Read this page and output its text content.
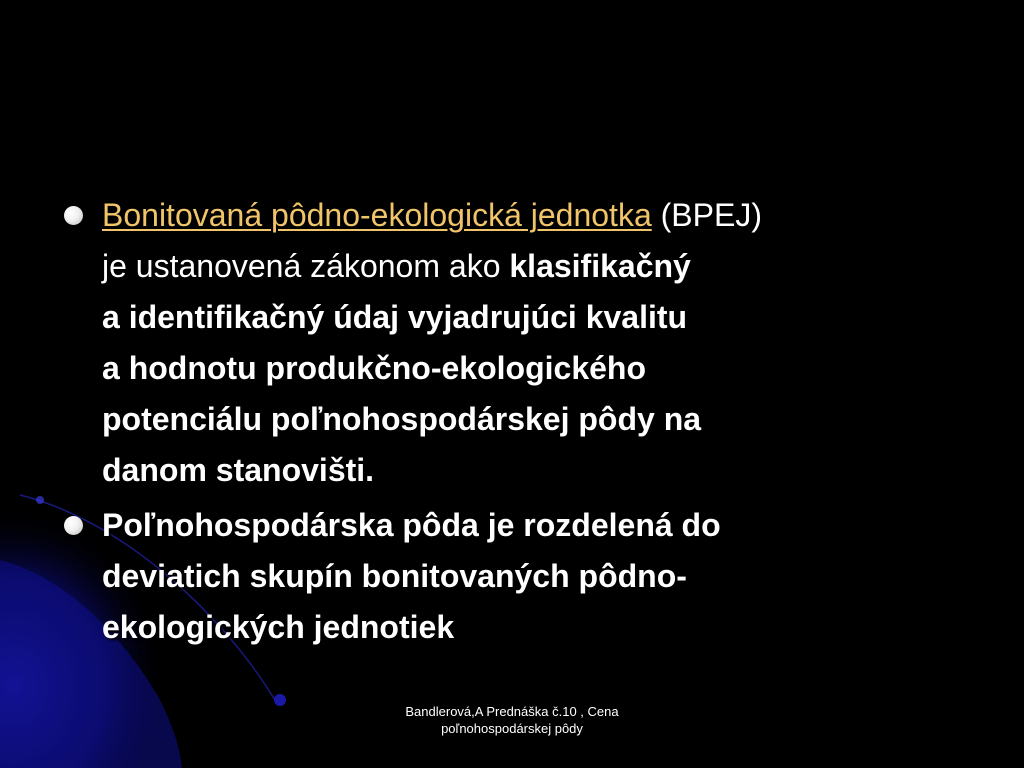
Bonitovaná pôdno-ekologická jednotka (BPEJ)
je ustanovená zákonom ako klasifikačný
a identifikačný údaj vyjadrujúci kvalitu
a hodnotu produkčno-ekologického
potenciálu poľnohospodárskej pôdy na
danom stanovišti.
Poľnohospodárska pôda je rozdelená do
deviatich skupín bonitovaných pôdno-
ekologických jednotiek
Bandlerová,A Prednáška č.10 , Cena
poľnohospodárskej pôdy
